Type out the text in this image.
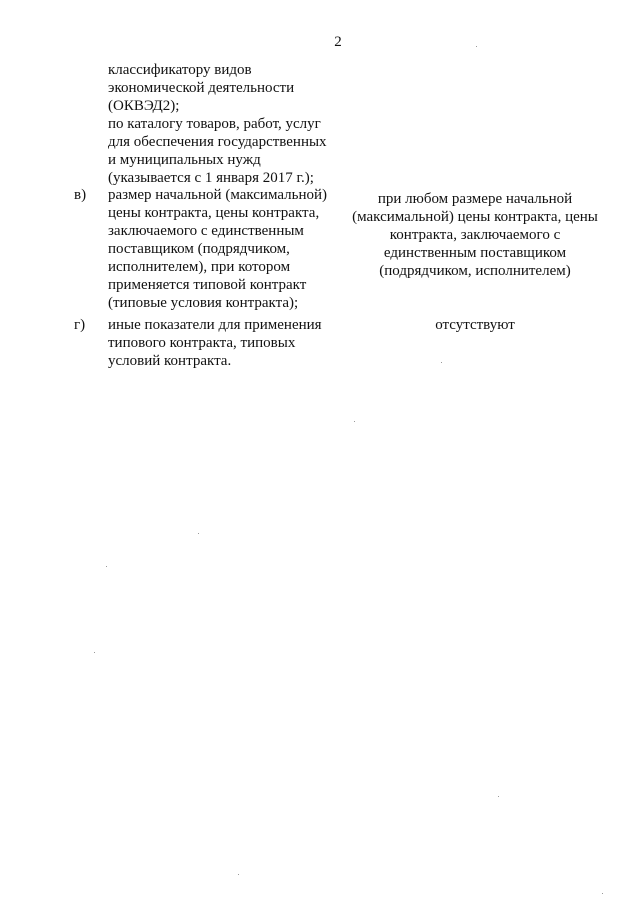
2
классификатору видов
экономической деятельности
(ОКВЭД2);
по каталогу товаров, работ, услуг
для обеспечения государственных
и муниципальных нужд
(указывается с 1 января 2017 г.);
в) размер начальной (максимальной)
цены контракта, цены контракта,
заключаемого с единственным
поставщиком (подрядчиком,
исполнителем), при котором
применяется типовой контракт
(типовые условия контракта);
при любом размере начальной
(максимальной) цены контракта, цены
контракта, заключаемого с
единственным поставщиком
(подрядчиком, исполнителем)
г) иные показатели для применения
типового контракта, типовых
условий контракта.
отсутствуют
